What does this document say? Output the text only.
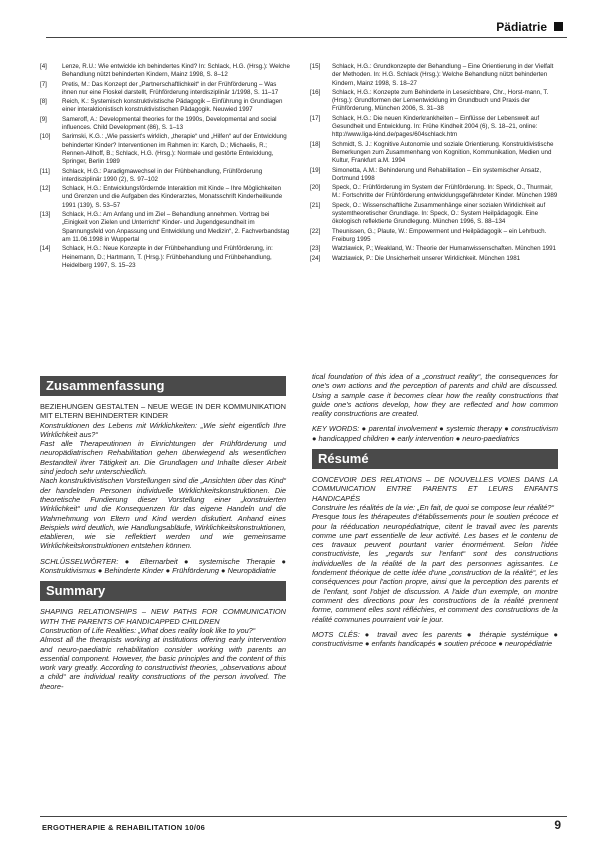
Pädiatrie
[4]	Lenze, R.U.: Wie entwickle ich behindertes Kind? In: Schlack, H.G. (Hrsg.): Welche Behandlung nützt behinderten Kindern, Mainz 1998, S. 8–12
[7]	Pretis, M.: Das Konzept der „Partnerschaftlichkeit“ in der Frühförderung – Was ihnen nur eine Floskel darstellt, Frühförderung interdisziplinär 1/1998, S. 11–17
[8]	Reich, K.: Systemisch konstruktivistische Pädagogik – Einführung in Grundlagen einer interaktionistisch konstruktivistischen Pädagogik. Neuwied 1997
[9]	Sameroff, A.: Developmental theories for the 1990s, Developmental and social influences. Child Development (86), S. 1–13
[10]	Sarimski, K.G.: „Wie passiert's wirklich, „therapie“ und „Hilfen“ auf der Entwicklung behinderter Kinder? Interventionen im Rahmen in: Karch, D.; Michaelis, R.; Rennen-Allhoff, B.; Schlack, H.G. (Hrsg.): Normale und gestörte Entwicklung, Springer, Berlin 1989
[11]	Schlack, H.G.: Paradigmawechsel in der Frühbehandlung, Frühförderung interdisziplinär 1990 (2), S. 97–102
[12]	Schlack, H.G.: Entwicklungsfördernde Interaktion mit Kinde – Ihre Möglichkeiten und Grenzen und die Aufgaben des Kinderarztes, Monatsschrift Kinderheilkunde 1991 (139), S. 53–57
[13]	Schlack, H.G.: Am Anfang und im Ziel – Behandlung annehmen. Vortrag bei „Einigkeit von Zielen und Unterricht“ Kinder- und Jugendgesundheit im Spannungsfeld von Anpassung und Entwicklung und Medizin“, 2. Fachverbandstag am 11.06.1998 in Wuppertal
[14]	Schlack, H.G.: Neue Konzepte in der Frühbehandlung und Frühförderung, in: Heinemann, D.; Hartmann, T. (Hrsg.): Frühbehandlung und Frühbehandlung, Heidelberg 1997, S. 15–23
[15]	Schlack, H.G.: Grundkonzepte der Behandlung – Eine Orientierung in der Vielfalt der Methoden. In: H.G. Schlack (Hrsg.): Welche Behandlung nützt behinderten Kindern, Mainz 1998, S. 18–27
[16]	Schlack, H.G.: Konzepte zum Behinderte in Lesesichbare, Chr., Horst-mann, T. (Hrsg.): Grundformen der Lernentwicklung im Grundbuch und Praxis der Frühförderung, München 2006, S. 31–38
[17]	Schlack, H.G.: Die neuen Kinderkrankheiten – Einflüsse der Lebenswelt auf Gesundheit und Entwicklung. In: Frühe Kindheit 2004 (6), S. 18–21, online: http://www.liga-kind.de/pages/604schlack.htm
[18]	Schmidt, S. J.: Kognitive Autonomie und soziale Orientierung. Konstruktivistische Bemerkungen zum Zusammenhang von Kognition, Kommunikation, Medien und Kultur, Frankfurt a.M. 1994
[19]	Simonetta, A.M.: Behinderung und Rehabilitation – Ein systemischer Ansatz, Dortmund 1998
[20]	Speck, O.: Frühförderung im System der Frühförderung. In: Speck, O., Thurmair, M.: Fortschritte der Frühförderung entwicklungsgefährdeter Kinder. München 1989
[21]	Speck, O.: Wissenschaftliche Zusammenhänge einer sozialen Wirklichkeit auf systemtheoretischer Grundlage. In: Speck, O.: System Heilpädagogik. Eine ökologisch reflektierte Grundlegung. München 1996, S. 88–134
[22]	Theunissen, G.; Plaute, W.: Empowerment und Heilpädagogik – ein Lehrbuch. Freiburg 1995
[23]	Watzlawick, P.; Weakland, W.: Theorie der Humanwissenschaften. München 1991
[24]	Watzlawick, P.: Die Unsicherheit unserer Wirklichkeit. München 1981
Zusammenfassung

BEZIEHUNGEN GESTALTEN – NEUE WEGE IN DER KOMMUNIKATION MIT ELTERN BEHINDERTER KINDER

Konstruktionen des Lebens mit Wirklichkeiten: „Wie sieht eigentlich Ihre Wirklichkeit aus?“

Fast alle Therapeutinnen in Einrichtungen der Frühförderung und neuropädiatrischen Rehabilitation gehen überwiegend als wesentlichen Bestandteil ihrer Tätigkeit an. Die Grundlagen und Inhalte dieser Arbeit sind jedoch sehr unterschiedlich.

Nach konstruktivistischen Vorstellungen sind die „Ansichten über das Kind“ der handelnden Personen individuelle Wirklichkeitskonstruktionen. Die theoretische Fundierung dieser Vorstellung einer „konstruierten Wirklichkeit“ und die Konsequenzen für das eigene Handeln und die Wahrnehmung von Eltern und Kind werden diskutiert. Anhand eines Beispiels wird deutlich, wie Handlungsabläufe, Wirklichkeitskonstruktionen, etablieren, wie sie reflektiert werden und wie gemeinsame Wirklichkeitskonstruktionen entstehen können.

SCHLÜSSELWÖRTER: ● Elternarbeit ● systemische Therapie ● Konstruktivismus ● Behinderte Kinder ● Frühförderung ● Neuropädiatrie

Summary

SHAPING RELATIONSHIPS – NEW PATHS FOR COMMUNICATION WITH THE PARENTS OF HANDICAPPED CHILDREN

Construction of Life Realities: „What does reality look like to you?“

Almost all the therapists working at institutions offering early intervention and neuro-paediatric rehabilitation consider working with parents an essential component. However, the basic principles and the content of this work vary greatly. According to constructivist theories, „observations about a child“ are individual reality constructions of the person involved. The theore-

tical foundation of this idea of a „construct reality“, the consequences for one's own actions and the perception of parents and child are discussed. Using a sample case it becomes clear how the reality constructions that guide one's actions develop, how they are reflected and how common reality constructions are created.

KEY WORDS: ● parental involvement ● systemic therapy ● constructivism ● handicapped children ● early intervention ● neuro-paediatrics

Résumé

CONCEVOIR DES RELATIONS – DE NOUVELLES VOIES DANS LA COMMUNICATION ENTRE PARENTS ET LEURS ENFANTS HANDICAPÉS

Construire les réalités de la vie: „En fait, de quoi se compose leur réalité?“

Presque tous les thérapeutes d'établissements pour le soutien précoce et pour la rééducation neuropédiatrique, citent le travail avec les parents comme une part essentielle de leur activité. Les bases et le contenu de ces travaux peuvent pourtant varier énormément. Selon l'idée constructiviste, les „regards sur l'enfant“ sont des constructions individuelles de la réalité de la part des personnes agissantes. Le fondement théorique de cette idée d'une „construction de la réalité“, et les conséquences pour l'action propre, ainsi que la perception des parents et de l'enfant, sont l'objet de discussion. A l'aide d'un exemple, on montre comment des directions pour les constructions de la réalité prennent forme, comment elles sont réfléchies, et comment des constructions de la réalité communes pourraient voir le jour.

MOTS CLÉS: ● travail avec les parents ● thérapie systémique ● constructivisme ● enfants handicapés ● soutien précoce ● neuropédiatrie

ERGOTHERAPIE & REHABILITATION 10/06	9
